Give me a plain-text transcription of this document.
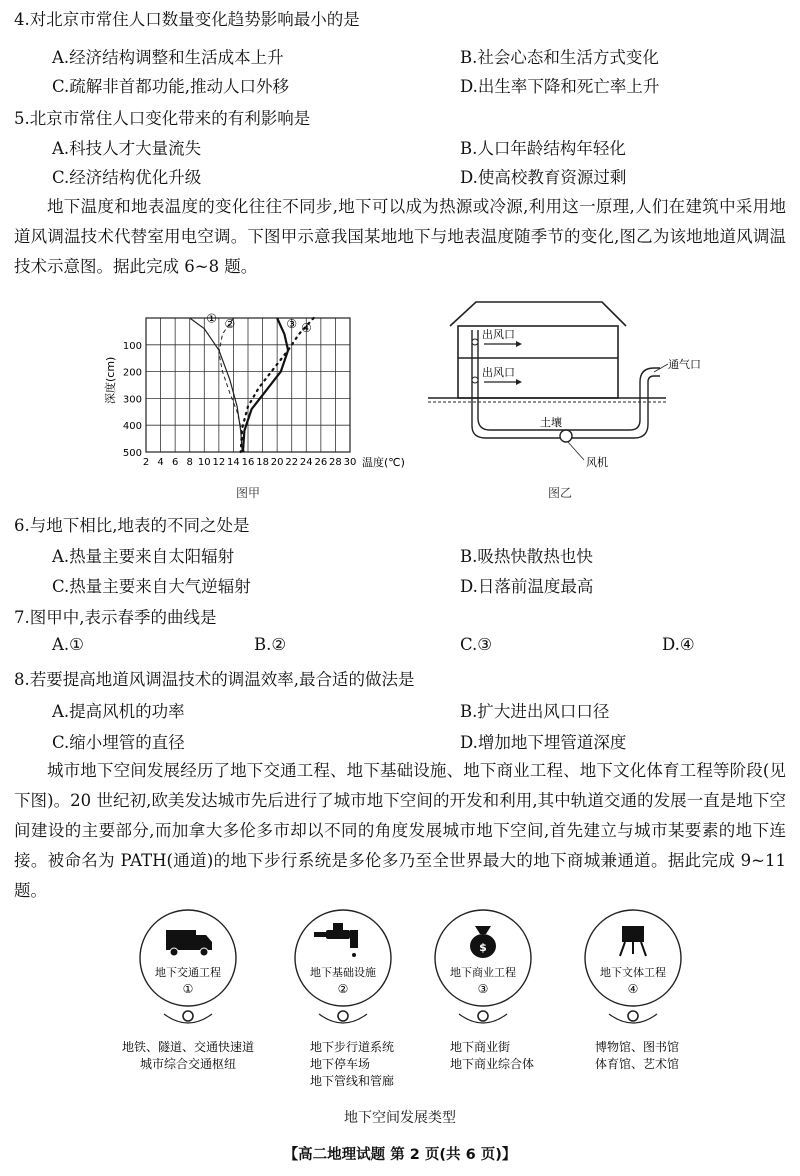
4.对北京市常住人口数量变化趋势影响最小的是
A.经济结构调整和生活成本上升	B.社会心态和生活方式变化
C.疏解非首都功能,推动人口外移	D.出生率下降和死亡率上升
5.北京市常住人口变化带来的有利影响是
A.科技人才大量流失	B.人口年龄结构年轻化
C.经济结构优化升级	D.使高校教育资源过剩

地下温度和地表温度的变化往往不同步,地下可以成为热源或冷源,利用这一原理,人们在建筑中采用地道风调温技术代替室用电空调。下图甲示意我国某地地下与地表温度随季节的变化,图乙为该地地道风调温技术示意图。据此完成 6~8 题。

2 4 6 8 10 12 14 16 18 20 22 24 26 28 30
100
200
300
400
500
① ②	③ ④
温度(℃)
深度(cm)
图甲
出风口
出风口
通气口
土壤
风机
图乙
6.与地下相比,地表的不同之处是
A.热量主要来自太阳辐射	B.吸热快散热也快
C.热量主要来自大气逆辐射	D.日落前温度最高
7.图甲中,表示春季的曲线是
A.①	B.②	C.③	D.④
8.若要提高地道风调温技术的调温效率,最合适的做法是
A.提高风机的功率	B.扩大进出风口口径
C.缩小埋管的直径	D.增加地下埋管道深度

城市地下空间发展经历了地下交通工程、地下基础设施、地下商业工程、地下文化体育工程等阶段(见下图)。20 世纪初,欧美发达城市先后进行了城市地下空间的开发和利用,其中轨道交通的发展一直是地下空间建设的主要部分,而加拿大多伦多市却以不同的角度发展城市地下空间,首先建立与城市某要素的地下连接。被命名为 PATH(通道)的地下步行系统是多伦多乃至全世界最大的地下商城兼通道。据此完成 9~11 题。

地下交通工程
①
地铁、隧道、交通快速道
城市综合交通枢纽
地下基础设施
②
地下步行道系统
地下停车场
地下管线和管廊
$
地下商业工程
③
地下商业街
地下商业综合体
地下文体工程
④
博物馆、图书馆
体育馆、艺术馆
地下空间发展类型
【高二地理试题 第 2 页(共 6 页)】
